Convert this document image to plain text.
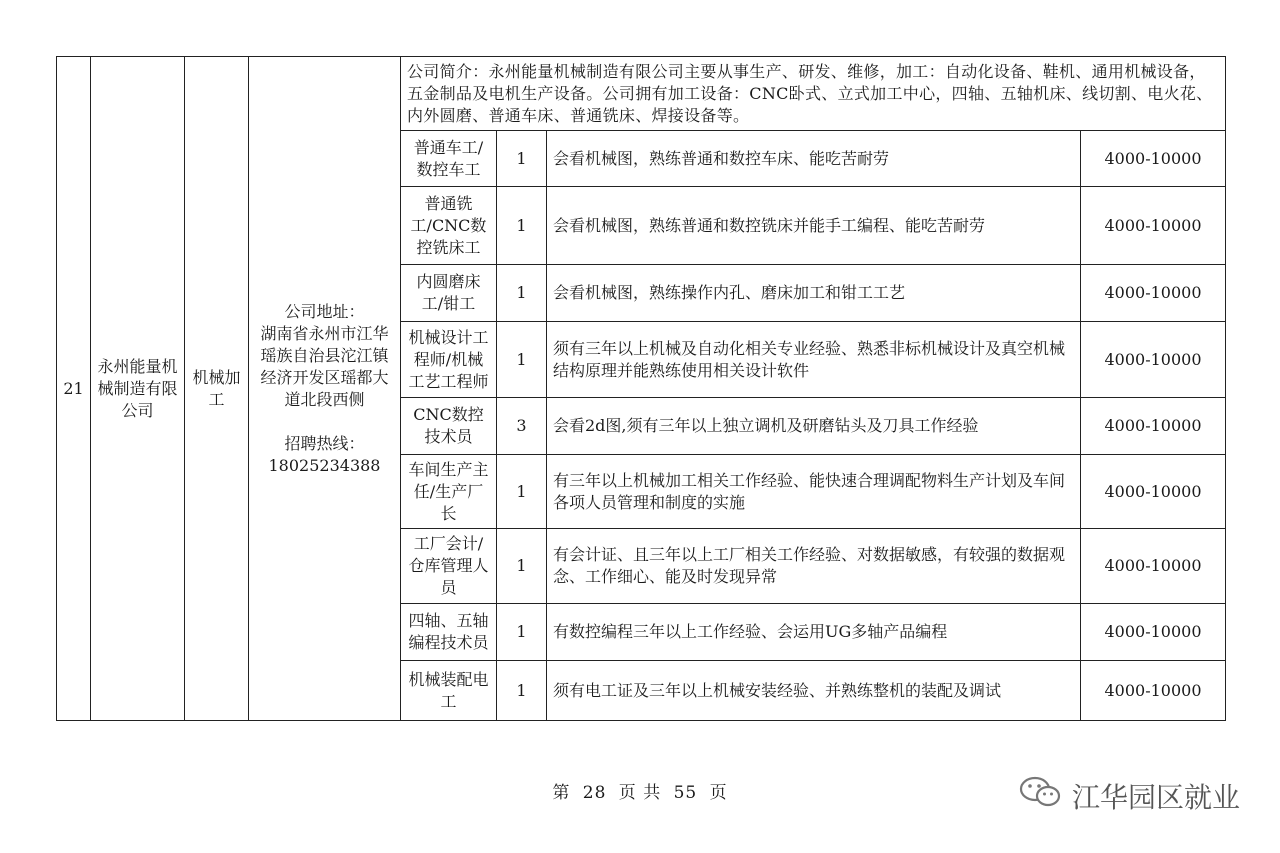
21	永州能量机械制造有限公司	机械加工	公司地址：
湖南省永州市江华瑶族自治县沱江镇经济开发区瑶都大道北段西侧
招聘热线：
18025234388	公司简介：永州能量机械制造有限公司主要从事生产、研发、维修，加工：自动化设备、鞋机、通用机械设备，五金制品及电机生产设备。公司拥有加工设备：CNC卧式、立式加工中心，四轴、五轴机床、线切割、电火花、内外圆磨、普通车床、普通铣床、焊接设备等。			
				普通车工/数控车工	1	会看机械图，熟练普通和数控车床、能吃苦耐劳	4000-10000
				普通铣工/CNC数控铣床工	1	会看机械图，熟练普通和数控铣床并能手工编程、能吃苦耐劳	4000-10000
				内圆磨床工/钳工	1	会看机械图，熟练操作内孔、磨床加工和钳工工艺	4000-10000
				机械设计工程师/机械工艺工程师	1	须有三年以上机械及自动化相关专业经验、熟悉非标机械设计及真空机械结构原理并能熟练使用相关设计软件	4000-10000
				CNC数控技术员	3	会看2d图,须有三年以上独立调机及研磨钻头及刀具工作经验	4000-10000
				车间生产主任/生产厂长	1	有三年以上机械加工相关工作经验、能快速合理调配物料生产计划及车间各项人员管理和制度的实施	4000-10000
				工厂会计/仓库管理人员	1	有会计证、且三年以上工厂相关工作经验、对数据敏感，有较强的数据观念、工作细心、能及时发现异常	4000-10000
				四轴、五轴编程技术员	1	有数控编程三年以上工作经验、会运用UG多轴产品编程	4000-10000
				机械装配电工	1	须有电工证及三年以上机械安装经验、并熟练整机的装配及调试	4000-10000
第 28 页 共 55 页	江华园区就业
